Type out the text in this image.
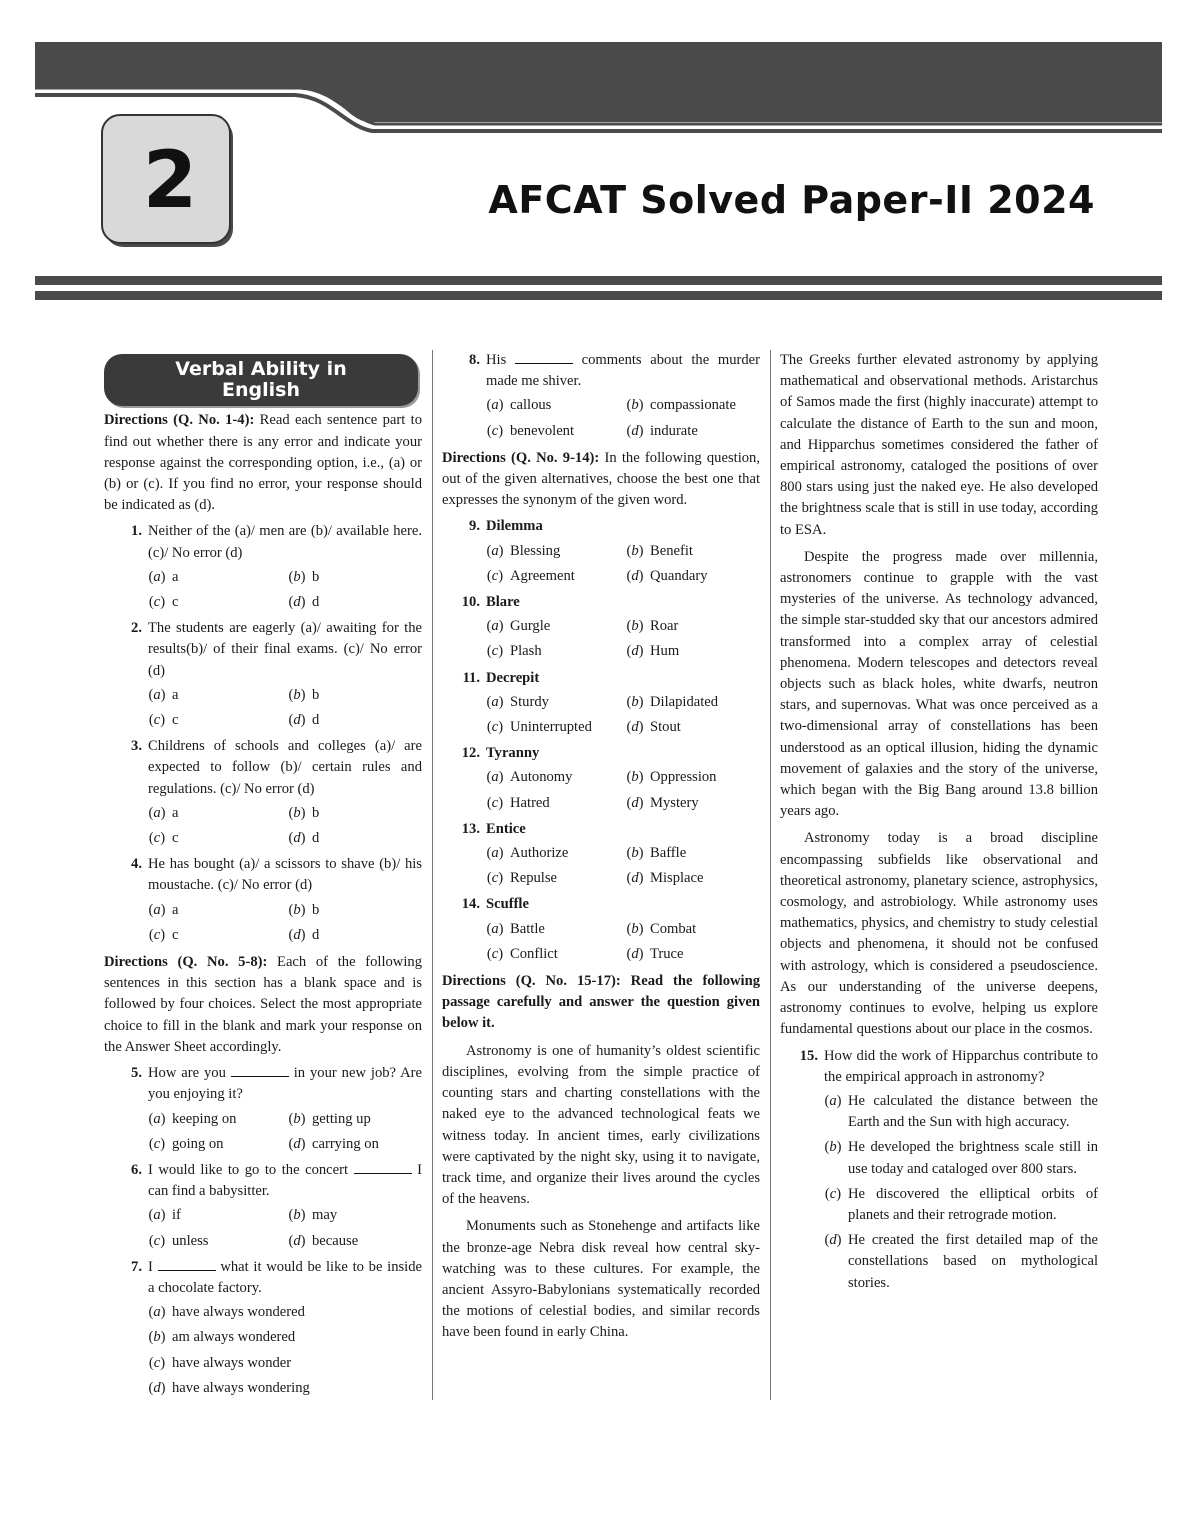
2	AFCAT Solved Paper-II 2024
Verbal Ability in English

Directions (Q. No. 1-4): Read each sentence part to find out whether there is any error and indicate your response against the corresponding option, i.e., (a) or (b) or (c). If you find no error, your response should be indicated as (d).

1. Neither of the (a)/ men are (b)/ available here.(c)/ No error (d)
( a ) a	( b ) b
( c ) c	( d ) d
2. The students are eagerly (a)/ awaiting for the results(b)/ of their final exams. (c)/ No error (d)
( a ) a	( b ) b
( c ) c	( d ) d
3. Childrens of schools and colleges (a)/ are expected to follow (b)/ certain rules and regulations. (c)/ No error (d)
( a ) a	( b ) b
( c ) c	( d ) d
4. He has bought (a)/ a scissors to shave (b)/ his moustache. (c)/ No error (d)
( a ) a	( b ) b
( c ) c	( d ) d

Directions (Q. No. 5-8): Each of the following sentences in this section has a blank space and is followed by four choices. Select the most appropriate choice to fill in the blank and mark your response on the Answer Sheet accordingly.

5. How are you	in your new job? Are you enjoying it?
( a ) keeping on	( b ) getting up
( c ) going on	( d ) carrying on
6. I would like to go to the concert	I can find a babysitter.
( a ) if	( b ) may
( c ) unless	( d ) because
7. I	what it would be like to be inside a chocolate factory.
( a ) have always wondered
( b ) am always wondered
( c ) have always wonder
( d ) have always wondering
8. His	comments about the murder made me shiver.
( a ) callous	( b ) compassionate
( c ) benevolent	( d ) indurate

Directions (Q. No. 9-14): In the following question, out of the given alternatives, choose the best one that expresses the synonym of the given word.

9. Dilemma
( a ) Blessing	( b ) Benefit
( c ) Agreement	( d ) Quandary
10. Blare
( a ) Gurgle	( b ) Roar
( c ) Plash	( d ) Hum
11. Decrepit
( a ) Sturdy	( b ) Dilapidated
( c ) Uninterrupted	( d ) Stout
12. Tyranny
( a ) Autonomy	( b ) Oppression
( c ) Hatred	( d ) Mystery
13. Entice
( a ) Authorize	( b ) Baffle
( c ) Repulse	( d ) Misplace
14. Scuffle
( a ) Battle	( b ) Combat
( c ) Conflict	( d ) Truce

Directions (Q. No. 15-17): Read the following passage carefully and answer the question given below it.

Astronomy is one of humanity’s oldest scientific disciplines, evolving from the simple practice of counting stars and charting constellations with the naked eye to the advanced technological feats we witness today. In ancient times, early civilizations were captivated by the night sky, using it to navigate, track time, and organize their lives around the cycles of the heavens.

Monuments such as Stonehenge and artifacts like the bronze-age Nebra disk reveal how central sky-watching was to these cultures. For example, the ancient Assyro-Babylonians systematically recorded the motions of celestial bodies, and similar records have been found in early China.

The Greeks further elevated astronomy by applying mathematical and observational methods. Aristarchus of Samos made the first (highly inaccurate) attempt to calculate the distance of Earth to the sun and moon, and Hipparchus sometimes considered the father of empirical astronomy, cataloged the positions of over 800 stars using just the naked eye. He also developed the brightness scale that is still in use today, according to ESA.

Despite the progress made over millennia, astronomers continue to grapple with the vast mysteries of the universe. As technology advanced, the simple star-studded sky that our ancestors admired transformed into a complex array of celestial phenomena. Modern telescopes and detectors reveal objects such as black holes, white dwarfs, neutron stars, and supernovas. What was once perceived as a two-dimensional array of constellations has been understood as an optical illusion, hiding the dynamic movement of galaxies and the story of the universe, which began with the Big Bang around 13.8 billion years ago.

Astronomy today is a broad discipline encompassing subfields like observational and theoretical astronomy, planetary science, astrophysics, cosmology, and astrobiology. While astronomy uses mathematics, physics, and chemistry to study celestial objects and phenomena, it should not be confused with astrology, which is considered a pseudoscience. As our understanding of the universe deepens, astronomy continues to evolve, helping us explore fundamental questions about our place in the cosmos.

15. How did the work of Hipparchus contribute to the empirical approach in astronomy?
( a ) He calculated the distance between the Earth and the Sun with high accuracy.
( b ) He developed the brightness scale still in use today and cataloged over 800 stars.
( c ) He discovered the elliptical orbits of planets and their retrograde motion.
( d ) He created the first detailed map of the constellations based on mythological stories.
